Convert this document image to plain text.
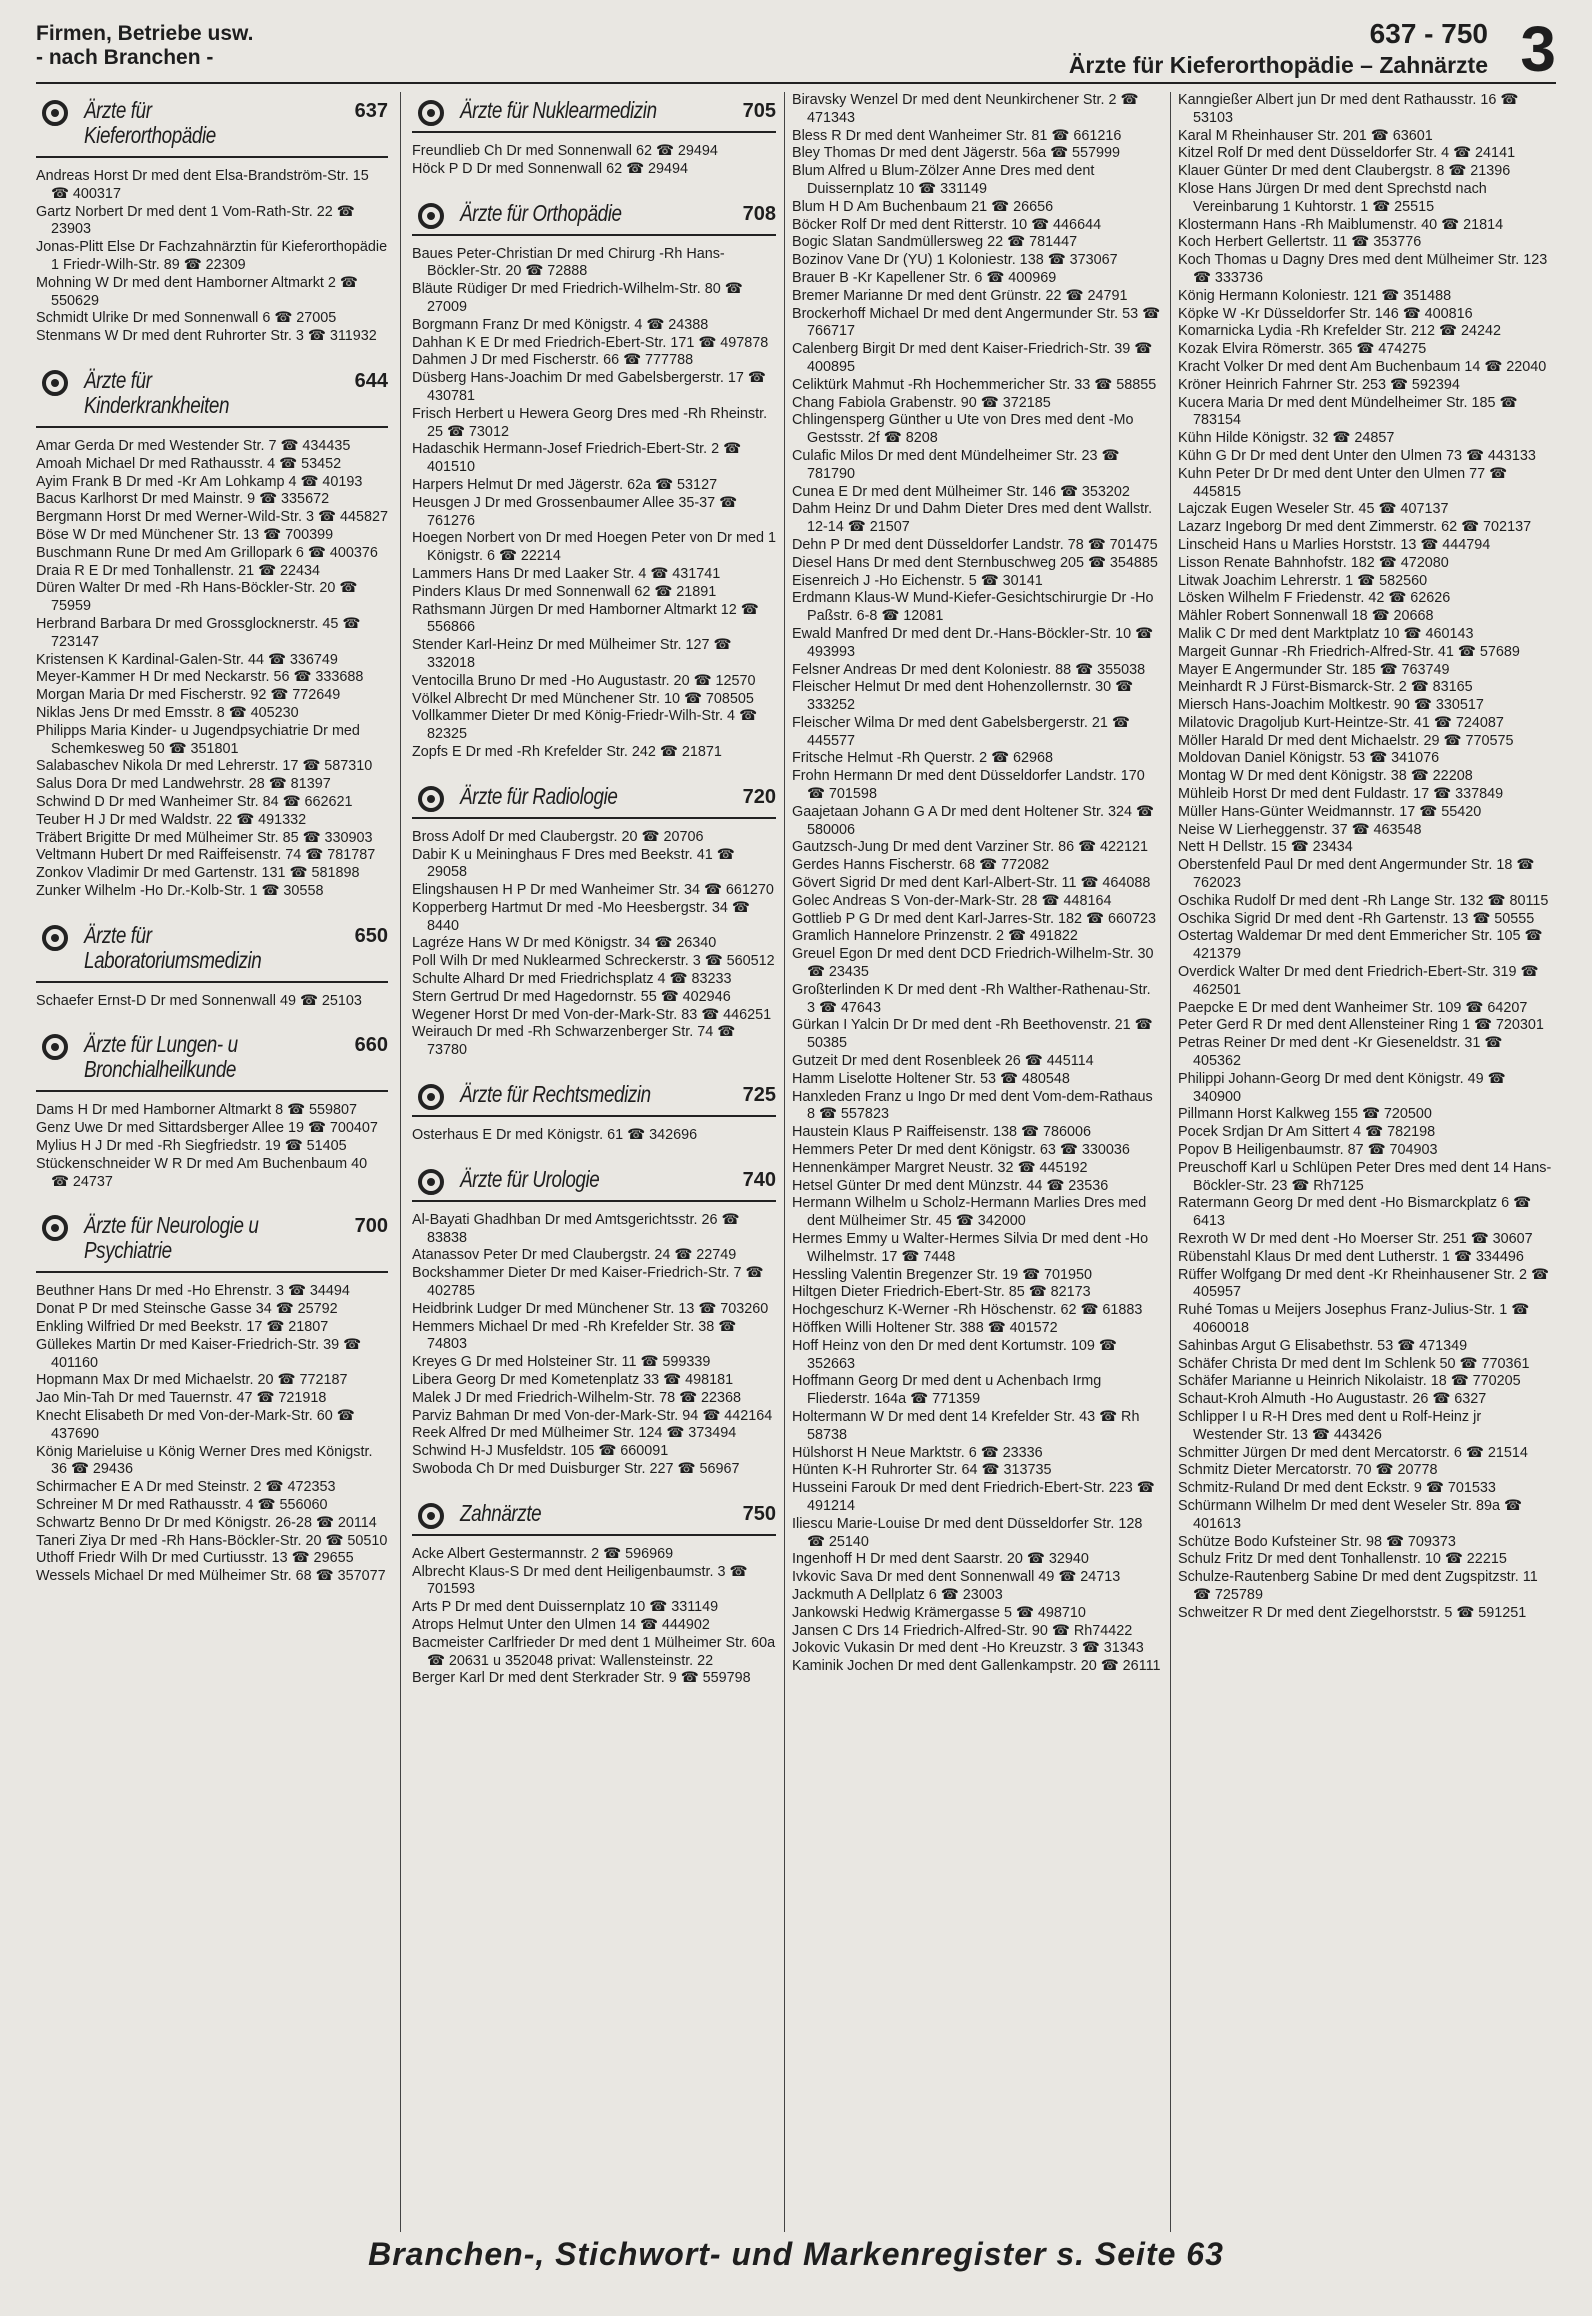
Firmen, Betriebe usw.
- nach Branchen -
637 - 750
Ärzte für Kieferorthopädie – Zahnärzte 3
Ärzte für
Kieferorthopädie
637
Andreas Horst Dr med dent Elsa-Brandström-Str. 15 ☎ 400317
Gartz Norbert Dr med dent 1 Vom-Rath-Str. 22 ☎ 23903
Jonas-Plitt Else Dr Fachzahnärztin für Kieferorthopädie 1 Friedr-Wilh-Str. 89 ☎ 22309
Mohning W Dr med dent Hamborner Altmarkt 2 ☎ 550629
Schmidt Ulrike Dr med Sonnenwall 6 ☎ 27005
Stenmans W Dr med dent Ruhrorter Str. 3 ☎ 311932
Ärzte für
Kinderkrankheiten
644
Amar Gerda Dr med Westender Str. 7 ☎ 434435
Amoah Michael Dr med Rathausstr. 4 ☎ 53452
Ayim Frank B Dr med -Kr Am Lohkamp 4 ☎ 40193
Bacus Karlhorst Dr med Mainstr. 9 ☎ 335672
Bergmann Horst Dr med Werner-Wild-Str. 3 ☎ 445827
Böse W Dr med Münchener Str. 13 ☎ 700399
Buschmann Rune Dr med Am Grillopark 6 ☎ 400376
Draia R E Dr med Tonhallenstr. 21 ☎ 22434
Düren Walter Dr med -Rh Hans-Böckler-Str. 20 ☎ 75959
Herbrand Barbara Dr med Grossglocknerstr. 45 ☎ 723147
Kristensen K Kardinal-Galen-Str. 44 ☎ 336749
Meyer-Kammer H Dr med Neckarstr. 56 ☎ 333688
Morgan Maria Dr med Fischerstr. 92 ☎ 772649
Niklas Jens Dr med Emsstr. 8 ☎ 405230
Philipps Maria Kinder- u Jugendpsychiatrie Dr med Schemkesweg 50 ☎ 351801
Salabaschev Nikola Dr med Lehrerstr. 17 ☎ 587310
Salus Dora Dr med Landwehrstr. 28 ☎ 81397
Schwind D Dr med Wanheimer Str. 84 ☎ 662621
Teuber H J Dr med Waldstr. 22 ☎ 491332
Träbert Brigitte Dr med Mülheimer Str. 85 ☎ 330903
Veltmann Hubert Dr med Raiffeisenstr. 74 ☎ 781787
Zonkov Vladimir Dr med Gartenstr. 131 ☎ 581898
Zunker Wilhelm -Ho Dr.-Kolb-Str. 1 ☎ 30558
Ärzte für
Laboratoriumsmedizin
650
Schaefer Ernst-D Dr med Sonnenwall 49 ☎ 25103
Ärzte für Lungen- u
Bronchialheilkunde
660
Dams H Dr med Hamborner Altmarkt 8 ☎ 559807
Genz Uwe Dr med Sittardsberger Allee 19 ☎ 700407
Mylius H J Dr med -Rh Siegfriedstr. 19 ☎ 51405
Stückenschneider W R Dr med Am Buchenbaum 40 ☎ 24737
Ärzte für Neurologie u
Psychiatrie
700
Beuthner Hans Dr med -Ho Ehrenstr. 3 ☎ 34494
Donat P Dr med Steinsche Gasse 34 ☎ 25792
Enkling Wilfried Dr med Beekstr. 17 ☎ 21807
Güllekes Martin Dr med Kaiser-Friedrich-Str. 39 ☎ 401160
Hopmann Max Dr med Michaelstr. 20 ☎ 772187
Jao Min-Tah Dr med Tauernstr. 47 ☎ 721918
Knecht Elisabeth Dr med Von-der-Mark-Str. 60 ☎ 437690
König Marieluise u König Werner Dres med Königstr. 36 ☎ 29436
Schirmacher E A Dr med Steinstr. 2 ☎ 472353
Schreiner M Dr med Rathausstr. 4 ☎ 556060
Schwartz Benno Dr Dr med Königstr. 26-28 ☎ 20114
Taneri Ziya Dr med -Rh Hans-Böckler-Str. 20 ☎ 50510
Uthoff Friedr Wilh Dr med Curtiusstr. 13 ☎ 29655
Wessels Michael Dr med Mülheimer Str. 68 ☎ 357077
Ärzte für Nuklearmedizin	705
Freundlieb Ch Dr med Sonnenwall 62 ☎ 29494
Höck P D Dr med Sonnenwall 62 ☎ 29494
Ärzte für Orthopädie	708
Baues Peter-Christian Dr med Chirurg -Rh Hans-Böckler-Str. 20 ☎ 72888
Bläute Rüdiger Dr med Friedrich-Wilhelm-Str. 80 ☎ 27009
Borgmann Franz Dr med Königstr. 4 ☎ 24388
Dahhan K E Dr med Friedrich-Ebert-Str. 171 ☎ 497878
Dahmen J Dr med Fischerstr. 66 ☎ 777788
Düsberg Hans-Joachim Dr med Gabelsbergerstr. 17 ☎ 430781
Frisch Herbert u Hewera Georg Dres med -Rh Rheinstr. 25 ☎ 73012
Hadaschik Hermann-Josef Friedrich-Ebert-Str. 2 ☎ 401510
Harpers Helmut Dr med Jägerstr. 62a ☎ 53127
Heusgen J Dr med Grossenbaumer Allee 35-37 ☎ 761276
Hoegen Norbert von Dr med Hoegen Peter von Dr med 1 Königstr. 6 ☎ 22214
Lammers Hans Dr med Laaker Str. 4 ☎ 431741
Pinders Klaus Dr med Sonnenwall 62 ☎ 21891
Rathsmann Jürgen Dr med Hamborner Altmarkt 12 ☎ 556866
Stender Karl-Heinz Dr med Mülheimer Str. 127 ☎ 332018
Ventocilla Bruno Dr med -Ho Augustastr. 20 ☎ 12570
Völkel Albrecht Dr med Münchener Str. 10 ☎ 708505
Vollkammer Dieter Dr med König-Friedr-Wilh-Str. 4 ☎ 82325
Zopfs E Dr med -Rh Krefelder Str. 242 ☎ 21871
Ärzte für Radiologie	720
Bross Adolf Dr med Claubergstr. 20 ☎ 20706
Dabir K u Meininghaus F Dres med Beekstr. 41 ☎ 29058
Elingshausen H P Dr med Wanheimer Str. 34 ☎ 661270
Kopperberg Hartmut Dr med -Mo Heesbergstr. 34 ☎ 8440
Lagréze Hans W Dr med Königstr. 34 ☎ 26340
Poll Wilh Dr med Nuklearmed Schreckerstr. 3 ☎ 560512
Schulte Alhard Dr med Friedrichsplatz 4 ☎ 83233
Stern Gertrud Dr med Hagedornstr. 55 ☎ 402946
Wegener Horst Dr med Von-der-Mark-Str. 83 ☎ 446251
Weirauch Dr med -Rh Schwarzenberger Str. 74 ☎ 73780
Ärzte für Rechtsmedizin	725
Osterhaus E Dr med Königstr. 61 ☎ 342696
Ärzte für Urologie	740
Al-Bayati Ghadhban Dr med Amtsgerichtsstr. 26 ☎ 83838
Atanassov Peter Dr med Claubergstr. 24 ☎ 22749
Bockshammer Dieter Dr med Kaiser-Friedrich-Str. 7 ☎ 402785
Heidbrink Ludger Dr med Münchener Str. 13 ☎ 703260
Hemmers Michael Dr med -Rh Krefelder Str. 38 ☎ 74803
Kreyes G Dr med Holsteiner Str. 11 ☎ 599339
Libera Georg Dr med Kometenplatz 33 ☎ 498181
Malek J Dr med Friedrich-Wilhelm-Str. 78 ☎ 22368
Parviz Bahman Dr med Von-der-Mark-Str. 94 ☎ 442164
Reek Alfred Dr med Mülheimer Str. 124 ☎ 373494
Schwind H-J Musfeldstr. 105 ☎ 660091
Swoboda Ch Dr med Duisburger Str. 227 ☎ 56967
Zahnärzte	750
Acke Albert Gestermannstr. 2 ☎ 596969
Albrecht Klaus-S Dr med dent Heiligenbaumstr. 3 ☎ 701593
Arts P Dr med dent Duissernplatz 10 ☎ 331149
Atrops Helmut Unter den Ulmen 14 ☎ 444902
Bacmeister Carlfrieder Dr med dent 1 Mülheimer Str. 60a ☎ 20631 u 352048 privat: Wallensteinstr. 22
Berger Karl Dr med dent Sterkrader Str. 9 ☎ 559798
Biravsky Wenzel Dr med dent Neunkirchener Str. 2 ☎ 471343
Bless R Dr med dent Wanheimer Str. 81 ☎ 661216
Bley Thomas Dr med dent Jägerstr. 56a ☎ 557999
Blum Alfred u Blum-Zölzer Anne Dres med dent Duissernplatz 10 ☎ 331149
Blum H D Am Buchenbaum 21 ☎ 26656
Böcker Rolf Dr med dent Ritterstr. 10 ☎ 446644
Bogic Slatan Sandmüllersweg 22 ☎ 781447
Bozinov Vane Dr (YU) 1 Koloniestr. 138 ☎ 373067
Brauer B -Kr Kapellener Str. 6 ☎ 400969
Bremer Marianne Dr med dent Grünstr. 22 ☎ 24791
Brockerhoff Michael Dr med dent Angermunder Str. 53 ☎ 766717
Calenberg Birgit Dr med dent Kaiser-Friedrich-Str. 39 ☎ 400895
Celiktürk Mahmut -Rh Hochemmericher Str. 33 ☎ 58855
Chang Fabiola Grabenstr. 90 ☎ 372185
Chlingensperg Günther u Ute von Dres med dent -Mo Gestsstr. 2f ☎ 8208
Culafic Milos Dr med dent Mündelheimer Str. 23 ☎ 781790
Cunea E Dr med dent Mülheimer Str. 146 ☎ 353202
Dahm Heinz Dr und Dahm Dieter Dres med dent Wallstr. 12-14 ☎ 21507
Dehn P Dr med dent Düsseldorfer Landstr. 78 ☎ 701475
Diesel Hans Dr med dent Sternbuschweg 205 ☎ 354885
Eisenreich J -Ho Eichenstr. 5 ☎ 30141
Erdmann Klaus-W Mund-Kiefer-Gesichtschirurgie Dr -Ho Paßstr. 6-8 ☎ 12081
Ewald Manfred Dr med dent Dr.-Hans-Böckler-Str. 10 ☎ 493993
Felsner Andreas Dr med dent Koloniestr. 88 ☎ 355038
Fleischer Helmut Dr med dent Hohenzollernstr. 30 ☎ 333252
Fleischer Wilma Dr med dent Gabelsbergerstr. 21 ☎ 445577
Fritsche Helmut -Rh Querstr. 2 ☎ 62968
Frohn Hermann Dr med dent Düsseldorfer Landstr. 170 ☎ 701598
Gaajetaan Johann G A Dr med dent Holtener Str. 324 ☎ 580006
Gautzsch-Jung Dr med dent Varziner Str. 86 ☎ 422121
Gerdes Hanns Fischerstr. 68 ☎ 772082
Gövert Sigrid Dr med dent Karl-Albert-Str. 11 ☎ 464088
Golec Andreas S Von-der-Mark-Str. 28 ☎ 448164
Gottlieb P G Dr med dent Karl-Jarres-Str. 182 ☎ 660723
Gramlich Hannelore Prinzenstr. 2 ☎ 491822
Greuel Egon Dr med dent DCD Friedrich-Wilhelm-Str. 30 ☎ 23435
Großterlinden K Dr med dent -Rh Walther-Rathenau-Str. 3 ☎ 47643
Gürkan I Yalcin Dr Dr med dent -Rh Beethovenstr. 21 ☎ 50385
Gutzeit Dr med dent Rosenbleek 26 ☎ 445114
Hamm Liselotte Holtener Str. 53 ☎ 480548
Hanxleden Franz u Ingo Dr med dent Vom-dem-Rathaus 8 ☎ 557823
Haustein Klaus P Raiffeisenstr. 138 ☎ 786006
Hemmers Peter Dr med dent Königstr. 63 ☎ 330036
Hennenkämper Margret Neustr. 32 ☎ 445192
Hetsel Günter Dr med dent Münzstr. 44 ☎ 23536
Hermann Wilhelm u Scholz-Hermann Marlies Dres med dent Mülheimer Str. 45 ☎ 342000
Hermes Emmy u Walter-Hermes Silvia Dr med dent -Ho Wilhelmstr. 17 ☎ 7448
Hessling Valentin Bregenzer Str. 19 ☎ 701950
Hiltgen Dieter Friedrich-Ebert-Str. 85 ☎ 82173
Hochgeschurz K-Werner -Rh Höschenstr. 62 ☎ 61883
Höffken Willi Holtener Str. 388 ☎ 401572
Hoff Heinz von den Dr med dent Kortumstr. 109 ☎ 352663
Hoffmann Georg Dr med dent u Achenbach Irmg Fliederstr. 164a ☎ 771359
Holtermann W Dr med dent 14 Krefelder Str. 43 ☎ Rh 58738
Hülshorst H Neue Marktstr. 6 ☎ 23336
Hünten K-H Ruhrorter Str. 64 ☎ 313735
Husseini Farouk Dr med dent Friedrich-Ebert-Str. 223 ☎ 491214
Iliescu Marie-Louise Dr med dent Düsseldorfer Str. 128 ☎ 25140
Ingenhoff H Dr med dent Saarstr. 20 ☎ 32940
Ivkovic Sava Dr med dent Sonnenwall 49 ☎ 24713
Jackmuth A Dellplatz 6 ☎ 23003
Jankowski Hedwig Krämergasse 5 ☎ 498710
Jansen C Drs 14 Friedrich-Alfred-Str. 90 ☎ Rh74422
Jokovic Vukasin Dr med dent -Ho Kreuzstr. 3 ☎ 31343
Kaminik Jochen Dr med dent Gallenkampstr. 20 ☎ 26111
Kanngießer Albert jun Dr med dent Rathausstr. 16 ☎ 53103
Karal M Rheinhauser Str. 201 ☎ 63601
Kitzel Rolf Dr med dent Düsseldorfer Str. 4 ☎ 24141
Klauer Günter Dr med dent Claubergstr. 8 ☎ 21396
Klose Hans Jürgen Dr med dent Sprechstd nach Vereinbarung 1 Kuhtorstr. 1 ☎ 25515
Klostermann Hans -Rh Maiblumenstr. 40 ☎ 21814
Koch Herbert Gellertstr. 11 ☎ 353776
Koch Thomas u Dagny Dres med dent Mülheimer Str. 123 ☎ 333736
König Hermann Koloniestr. 121 ☎ 351488
Köpke W -Kr Düsseldorfer Str. 146 ☎ 400816
Komarnicka Lydia -Rh Krefelder Str. 212 ☎ 24242
Kozak Elvira Römerstr. 365 ☎ 474275
Kracht Volker Dr med dent Am Buchenbaum 14 ☎ 22040
Kröner Heinrich Fahrner Str. 253 ☎ 592394
Kucera Maria Dr med dent Mündelheimer Str. 185 ☎ 783154
Kühn Hilde Königstr. 32 ☎ 24857
Kühn G Dr Dr med dent Unter den Ulmen 73 ☎ 443133
Kuhn Peter Dr Dr med dent Unter den Ulmen 77 ☎ 445815
Lajczak Eugen Weseler Str. 45 ☎ 407137
Lazarz Ingeborg Dr med dent Zimmerstr. 62 ☎ 702137
Linscheid Hans u Marlies Horststr. 13 ☎ 444794
Lisson Renate Bahnhofstr. 182 ☎ 472080
Litwak Joachim Lehrerstr. 1 ☎ 582560
Lösken Wilhelm F Friedenstr. 42 ☎ 62626
Mähler Robert Sonnenwall 18 ☎ 20668
Malik C Dr med dent Marktplatz 10 ☎ 460143
Margeit Gunnar -Rh Friedrich-Alfred-Str. 41 ☎ 57689
Mayer E Angermunder Str. 185 ☎ 763749
Meinhardt R J Fürst-Bismarck-Str. 2 ☎ 83165
Miersch Hans-Joachim Moltkestr. 90 ☎ 330517
Milatovic Dragoljub Kurt-Heintze-Str. 41 ☎ 724087
Möller Harald Dr med dent Michaelstr. 29 ☎ 770575
Moldovan Daniel Königstr. 53 ☎ 341076
Montag W Dr med dent Königstr. 38 ☎ 22208
Mühleib Horst Dr med dent Fuldastr. 17 ☎ 337849
Müller Hans-Günter Weidmannstr. 17 ☎ 55420
Neise W Lierheggenstr. 37 ☎ 463548
Nett H Dellstr. 15 ☎ 23434
Oberstenfeld Paul Dr med dent Angermunder Str. 18 ☎ 762023
Oschika Rudolf Dr med dent -Rh Lange Str. 132 ☎ 80115
Oschika Sigrid Dr med dent -Rh Gartenstr. 13 ☎ 50555
Ostertag Waldemar Dr med dent Emmericher Str. 105 ☎ 421379
Overdick Walter Dr med dent Friedrich-Ebert-Str. 319 ☎ 462501
Paepcke E Dr med dent Wanheimer Str. 109 ☎ 64207
Peter Gerd R Dr med dent Allensteiner Ring 1 ☎ 720301
Petras Reiner Dr med dent -Kr Gieseneldstr. 31 ☎ 405362
Philippi Johann-Georg Dr med dent Königstr. 49 ☎ 340900
Pillmann Horst Kalkweg 155 ☎ 720500
Pocek Srdjan Dr Am Sittert 4 ☎ 782198
Popov B Heiligenbaumstr. 87 ☎ 704903
Preuschoff Karl u Schlüpen Peter Dres med dent 14 Hans-Böckler-Str. 23 ☎ Rh7125
Ratermann Georg Dr med dent -Ho Bismarckplatz 6 ☎ 6413
Rexroth W Dr med dent -Ho Moerser Str. 251 ☎ 30607
Rübenstahl Klaus Dr med dent Lutherstr. 1 ☎ 334496
Rüffer Wolfgang Dr med dent -Kr Rheinhausener Str. 2 ☎ 405957
Ruhé Tomas u Meijers Josephus Franz-Julius-Str. 1 ☎ 4060018
Sahinbas Argut G Elisabethstr. 53 ☎ 471349
Schäfer Christa Dr med dent Im Schlenk 50 ☎ 770361
Schäfer Marianne u Heinrich Nikolaistr. 18 ☎ 770205
Schaut-Kroh Almuth -Ho Augustastr. 26 ☎ 6327
Schlipper I u R-H Dres med dent u Rolf-Heinz jr Westender Str. 13 ☎ 443426
Schmitter Jürgen Dr med dent Mercatorstr. 6 ☎ 21514
Schmitz Dieter Mercatorstr. 70 ☎ 20778
Schmitz-Ruland Dr med dent Eckstr. 9 ☎ 701533
Schürmann Wilhelm Dr med dent Weseler Str. 89a ☎ 401613
Schütze Bodo Kufsteiner Str. 98 ☎ 709373
Schulz Fritz Dr med dent Tonhallenstr. 10 ☎ 22215
Schulze-Rautenberg Sabine Dr med dent Zugspitzstr. 11 ☎ 725789
Schweitzer R Dr med dent Ziegelhorststr. 5 ☎ 591251
Branchen-, Stichwort- und Markenregister s. Seite 63
